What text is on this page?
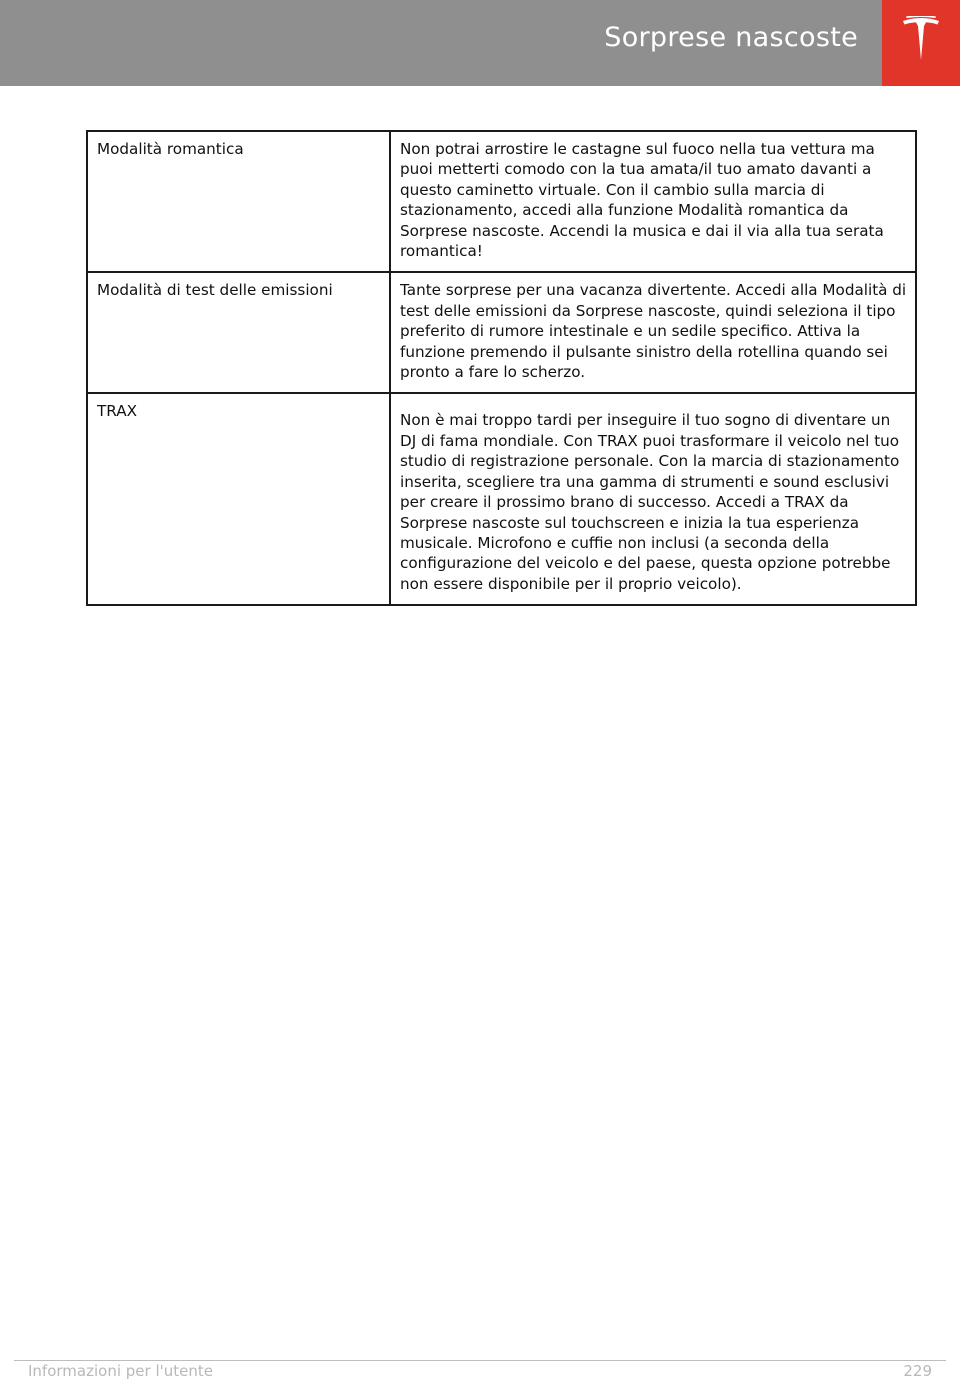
Sorprese nascoste
Modalità romantica	Non potrai arrostire le castagne sul fuoco nella tua vettura ma puoi metterti comodo con la tua amata/il tuo amato davanti a questo caminetto virtuale. Con il cambio sulla marcia di stazionamento, accedi alla funzione Modalità romantica da Sorprese nascoste. Accendi la musica e dai il via alla tua serata romantica!
Modalità di test delle emissioni	Tante sorprese per una vacanza divertente. Accedi alla Modalità di test delle emissioni da Sorprese nascoste, quindi seleziona il tipo preferito di rumore intestinale e un sedile specifico. Attiva la funzione premendo il pulsante sinistro della rotellina quando sei pronto a fare lo scherzo.
TRAX	Non è mai troppo tardi per inseguire il tuo sogno di diventare un DJ di fama mondiale. Con TRAX puoi trasformare il veicolo nel tuo studio di registrazione personale. Con la marcia di stazionamento inserita, scegliere tra una gamma di strumenti e sound esclusivi per creare il prossimo brano di successo. Accedi a TRAX da Sorprese nascoste sul touchscreen e inizia la tua esperienza musicale. Microfono e cuffie non inclusi (a seconda della configurazione del veicolo e del paese, questa opzione potrebbe non essere disponibile per il proprio veicolo).
Informazioni per l'utente	229
